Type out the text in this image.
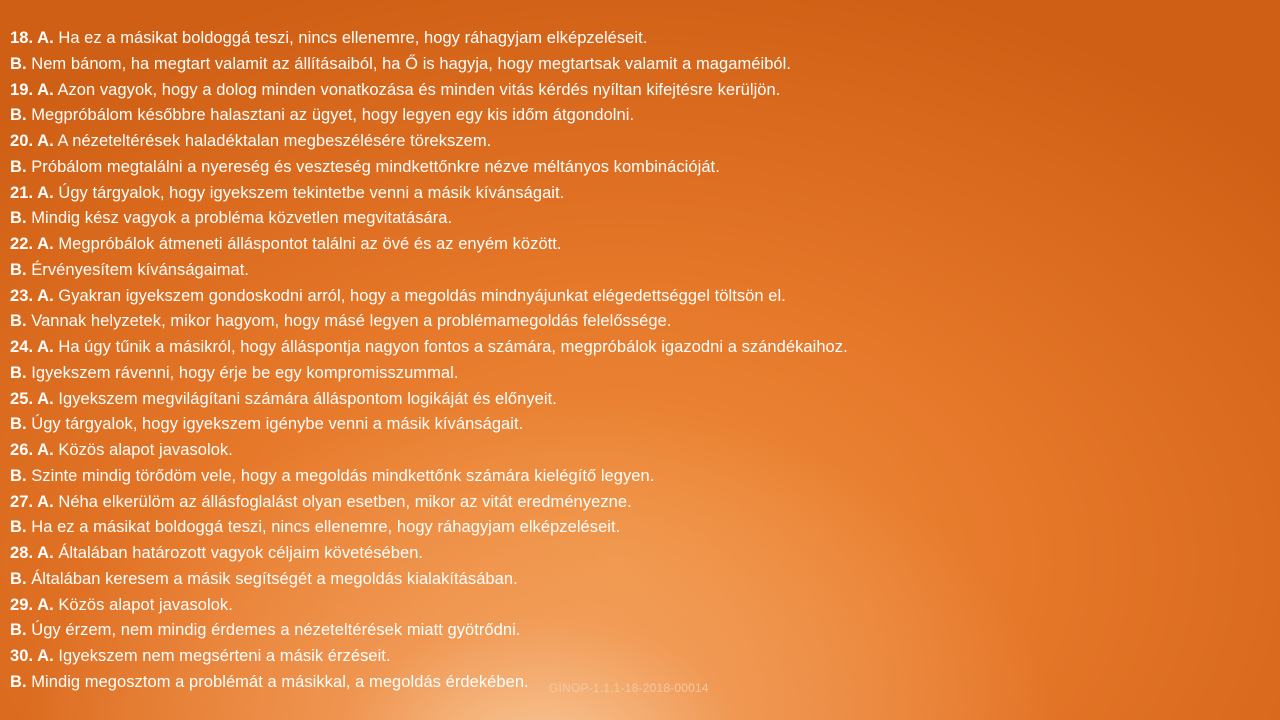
18. A. Ha ez a másikat boldoggá teszi, nincs ellenemre, hogy ráhagyjam elképzeléseit.
B. Nem bánom, ha megtart valamit az állításaiból, ha Ő is hagyja, hogy megtartsak valamit a magaméiból.
19. A. Azon vagyok, hogy a dolog minden vonatkozása és minden vitás kérdés nyíltan kifejtésre kerüljön.
B. Megpróbálom későbbre halasztani az ügyet, hogy legyen egy kis időm átgondolni.
20. A. A nézeteltérések haladéktalan megbeszélésére törekszem.
B. Próbálom megtalálni a nyereség és veszteség mindkettőnkre nézve méltányos kombinációját.
21. A. Úgy tárgyalok, hogy igyekszem tekintetbe venni a másik kívánságait.
B. Mindig kész vagyok a probléma közvetlen megvitatására.
22. A. Megpróbálok átmeneti álláspontot találni az övé és az enyém között.
B. Érvényesítem kívánságaimat.
23. A. Gyakran igyekszem gondoskodni arról, hogy a megoldás mindnyájunkat elégedettséggel töltsön el.
B. Vannak helyzetek, mikor hagyom, hogy másé legyen a problémamegoldás felelőssége.
24. A. Ha úgy tűnik a másikról, hogy álláspontja nagyon fontos a számára, megpróbálok igazodni a szándékaihoz.
B. Igyekszem rávenni, hogy érje be egy kompromisszummal.
25. A. Igyekszem megvilágítani számára álláspontom logikáját és előnyeit.
B. Úgy tárgyalok, hogy igyekszem igénybe venni a másik kívánságait.
26. A. Közös alapot javasolok.
B. Szinte mindig törődöm vele, hogy a megoldás mindkettőnk számára kielégítő legyen.
27. A. Néha elkerülöm az állásfoglalást olyan esetben, mikor az vitát eredményezne.
B. Ha ez a másikat boldoggá teszi, nincs ellenemre, hogy ráhagyjam elképzeléseit.
28. A. Általában határozott vagyok céljaim követésében.
B. Általában keresem a másik segítségét a megoldás kialakításában.
29. A. Közös alapot javasolok.
B. Úgy érzem, nem mindig érdemes a nézeteltérések miatt gyötrődni.
30. A. Igyekszem nem megsérteni a másik érzéseit.
B. Mindig megosztom a problémát a másikkal, a megoldás érdekében.	GINOP-1.1.1-18-2018-00014
